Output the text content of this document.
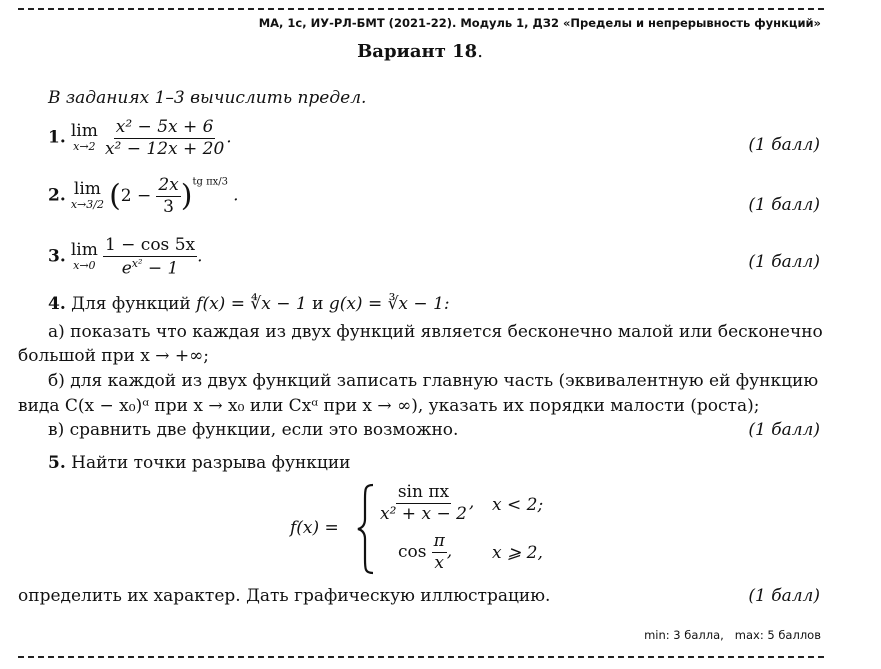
МА, 1с, ИУ-РЛ-БМТ (2021-22). Модуль 1, ДЗ2 «Пределы и непрерывность функций»
Вариант 18.
В заданиях 1–3 вычислить предел.
1. lim
x→2
$\frac{\text{x² − 5x + 6}}{\text{x² − 12x + 20}}$ .	(1 балл)
2. lim
x→3/2 $(2 - \frac{2x}{3} )^{tg \pi x/3}$ .	(1 балл)
3. lim
x→0
$\frac{1 - \cos 5x}{e^{x^2} - 1}$ .	(1 балл)
4. Для функций f(x) = ∜x − 1 и g(x) = ∛x − 1:
а) показать что каждая из двух функций является бесконечно малой или бесконечно
большой при x → +∞;
б) для каждой из двух функций записать главную часть (эквивалентную ей функцию
вида C(x − x₀)ᵅ при x → x₀ или Cxᵅ при x → ∞), указать их порядки малости (роста);
в) сравнить две функции, если это возможно.	(1 балл)
5. Найти точки разрыва функции
f(x) =
$\frac{\text{sin πx}}{\text{x² + x − 2}}$ , x < 2;
$\cos \frac{\pi}{x}$ , x ⩾ 2,
определить их характер. Дать графическую иллюстрацию.	(1 балл)
min: 3 балла,   max: 5 баллов
